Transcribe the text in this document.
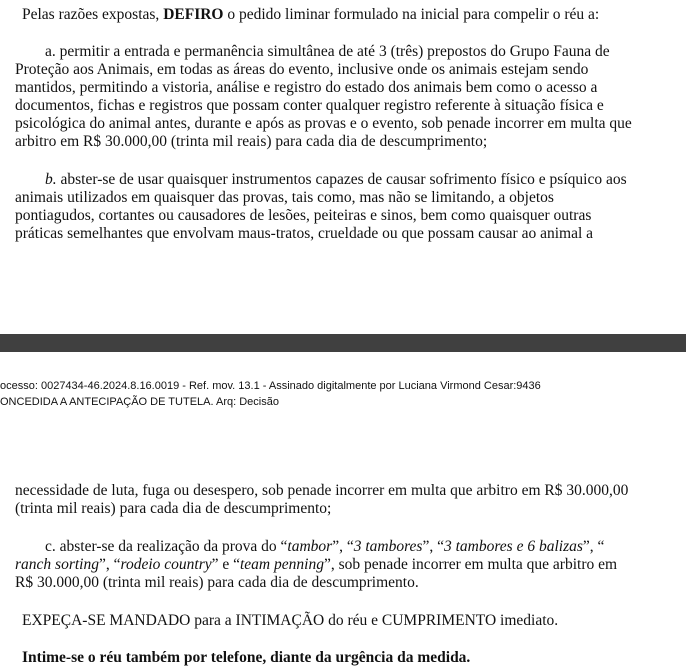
Pelas razões expostas, DEFIRO o pedido liminar formulado na inicial para compelir o réu a:
a. permitir a entrada e permanência simultânea de até 3 (três) prepostos do Grupo Fauna de
Proteção aos Animais, em todas as áreas do evento, inclusive onde os animais estejam sendo
mantidos, permitindo a vistoria, análise e registro do estado dos animais bem como o acesso a
documentos, fichas e registros que possam conter qualquer registro referente à situação física e
psicológica do animal antes, durante e após as provas e o evento, sob penade incorrer em multa que
arbitro em R$ 30.000,00 (trinta mil reais) para cada dia de descumprimento;
b. abster-se de usar quaisquer instrumentos capazes de causar sofrimento físico e psíquico aos
animais utilizados em quaisquer das provas, tais como, mas não se limitando, a objetos
pontiagudos, cortantes ou causadores de lesões, peiteiras e sinos, bem como quaisquer outras
práticas semelhantes que envolvam maus-tratos, crueldade ou que possam causar ao animal a
ocesso: 0027434-46.2024.8.16.0019 - Ref. mov. 13.1 - Assinado digitalmente por Luciana Virmond Cesar:9436
ONCEDIDA A ANTECIPAÇÃO DE TUTELA. Arq: Decisão
necessidade de luta, fuga ou desespero, sob penade incorrer em multa que arbitro em R$ 30.000,00
(trinta mil reais) para cada dia de descumprimento;
c. abster-se da realização da prova do “tambor”, “3 tambores”, “3 tambores e 6 balizas”, “
ranch sorting”, “rodeio country” e “team penning”, sob penade incorrer em multa que arbitro em
R$ 30.000,00 (trinta mil reais) para cada dia de descumprimento.
EXPEÇA-SE MANDADO para a INTIMAÇÃO do réu e CUMPRIMENTO imediato.
Intime-se o réu também por telefone, diante da urgência da medida.
